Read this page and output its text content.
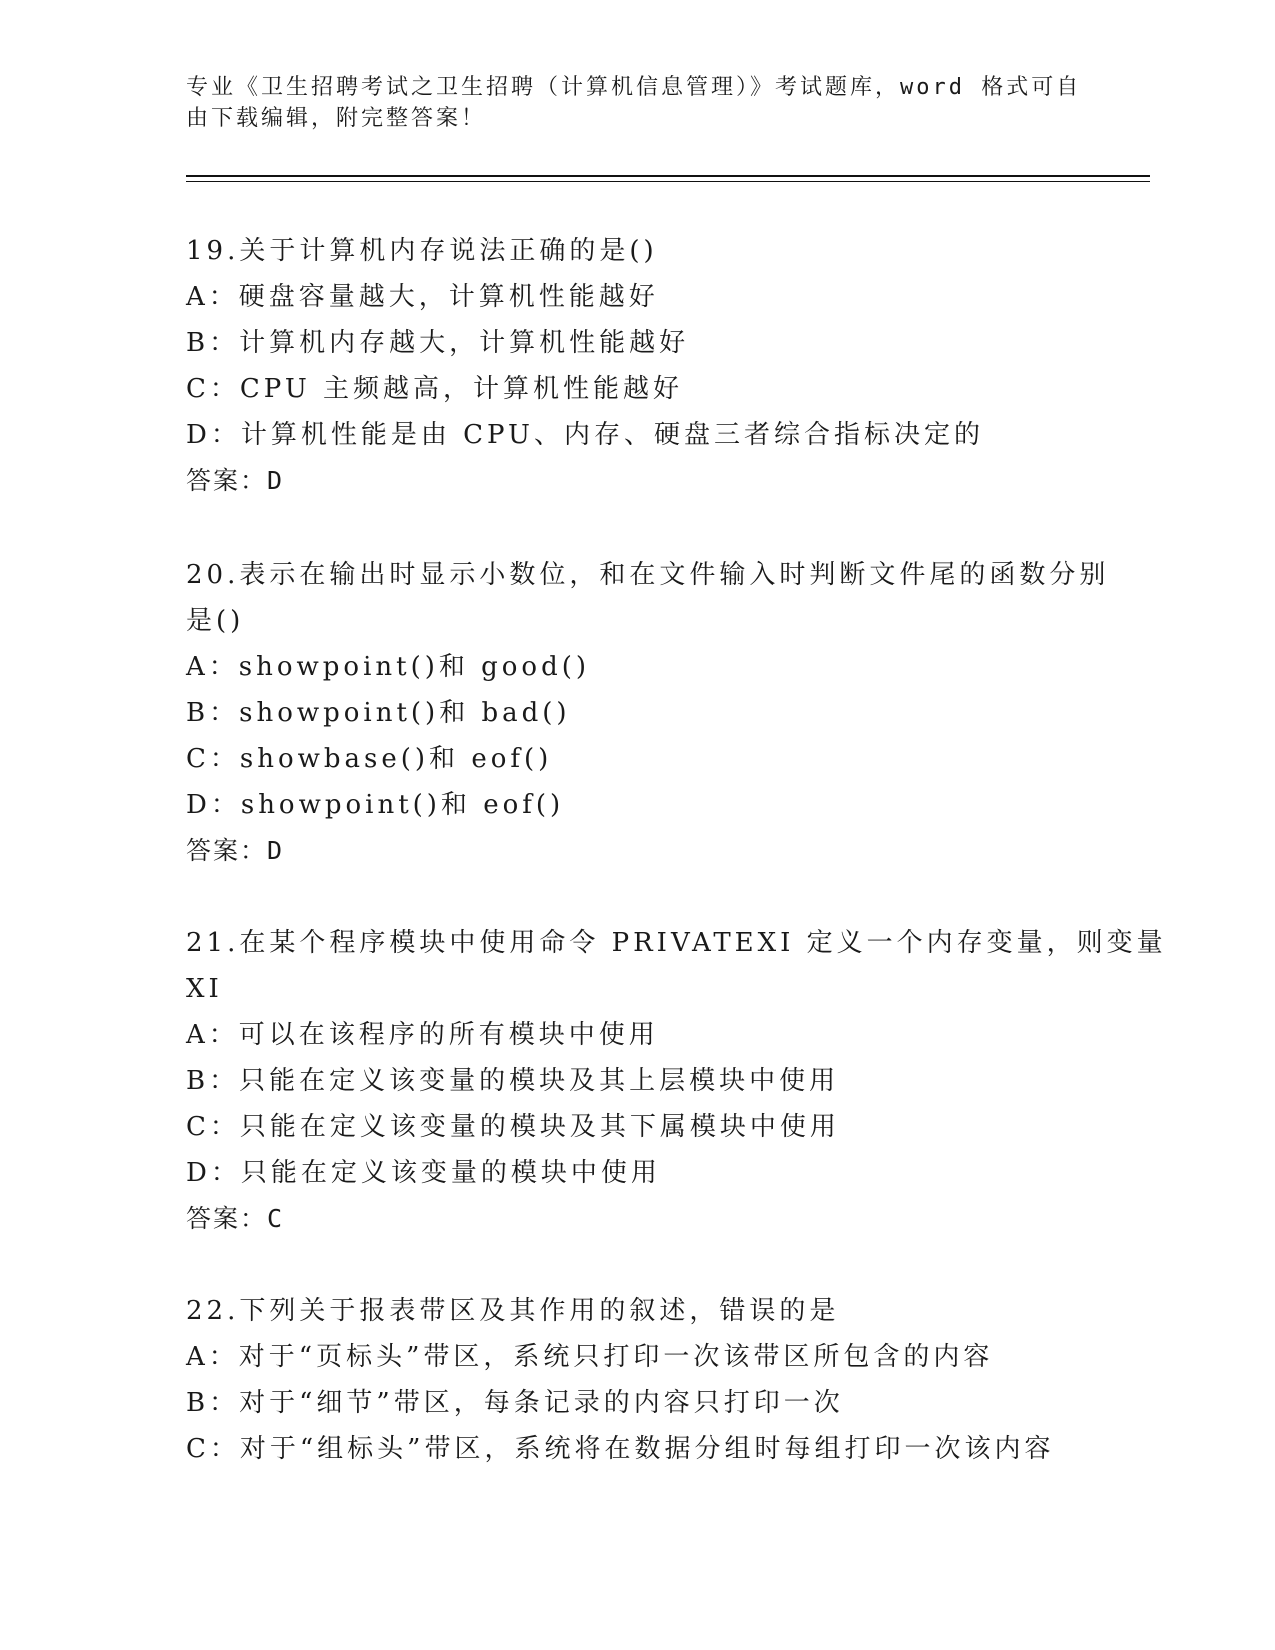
专业《卫生招聘考试之卫生招聘（计算机信息管理）》考试题库，word 格式可自
由下载编辑，附完整答案！
19.关于计算机内存说法正确的是()
A：硬盘容量越大，计算机性能越好
B：计算机内存越大，计算机性能越好
C：CPU 主频越高，计算机性能越好
D：计算机性能是由 CPU、内存、硬盘三者综合指标决定的
答案：D
20.表示在输出时显示小数位，和在文件输入时判断文件尾的函数分别
是()
A：showpoint()和 good()
B：showpoint()和 bad()
C：showbase()和 eof()
D：showpoint()和 eof()
答案：D
21.在某个程序模块中使用命令 PRIVATEXI 定义一个内存变量，则变量
XI
A：可以在该程序的所有模块中使用
B：只能在定义该变量的模块及其上层模块中使用
C：只能在定义该变量的模块及其下属模块中使用
D：只能在定义该变量的模块中使用
答案：C
22.下列关于报表带区及其作用的叙述，错误的是
A：对于“页标头”带区，系统只打印一次该带区所包含的内容
B：对于“细节”带区，每条记录的内容只打印一次
C：对于“组标头”带区，系统将在数据分组时每组打印一次该内容
